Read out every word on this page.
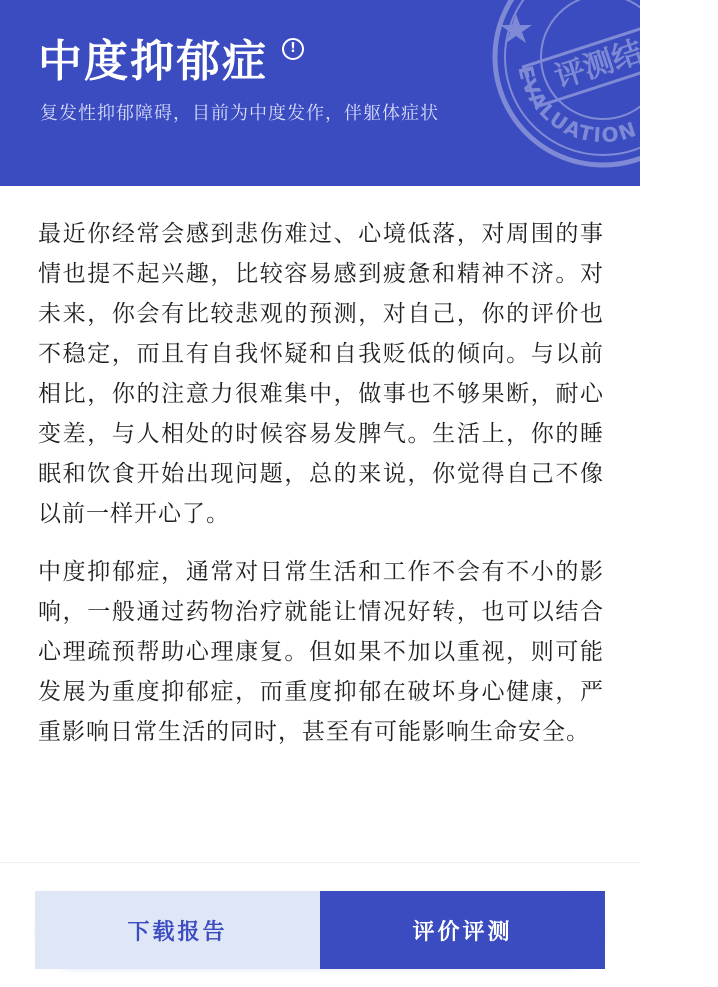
中度抑郁症	!
复发性抑郁障碍，目前为中度发作，伴躯体症状
评测结果
EVALUATION R

最近你经常会感到悲伤难过、心境低落，对周围的事情也提不起兴趣，比较容易感到疲惫和精神不济。对未来，你会有比较悲观的预测，对自己，你的评价也不稳定，而且有自我怀疑和自我贬低的倾向。与以前相比，你的注意力很难集中，做事也不够果断，耐心变差，与人相处的时候容易发脾气。生活上，你的睡眠和饮食开始出现问题，总的来说，你觉得自己不像以前一样开心了。

中度抑郁症，通常对日常生活和工作不会有不小的影响，一般通过药物治疗就能让情况好转，也可以结合心理疏预帮助心理康复。但如果不加以重视，则可能发展为重度抑郁症，而重度抑郁在破坏身心健康，严重影响日常生活的同时，甚至有可能影响生命安全。

下载报告	评价评测
